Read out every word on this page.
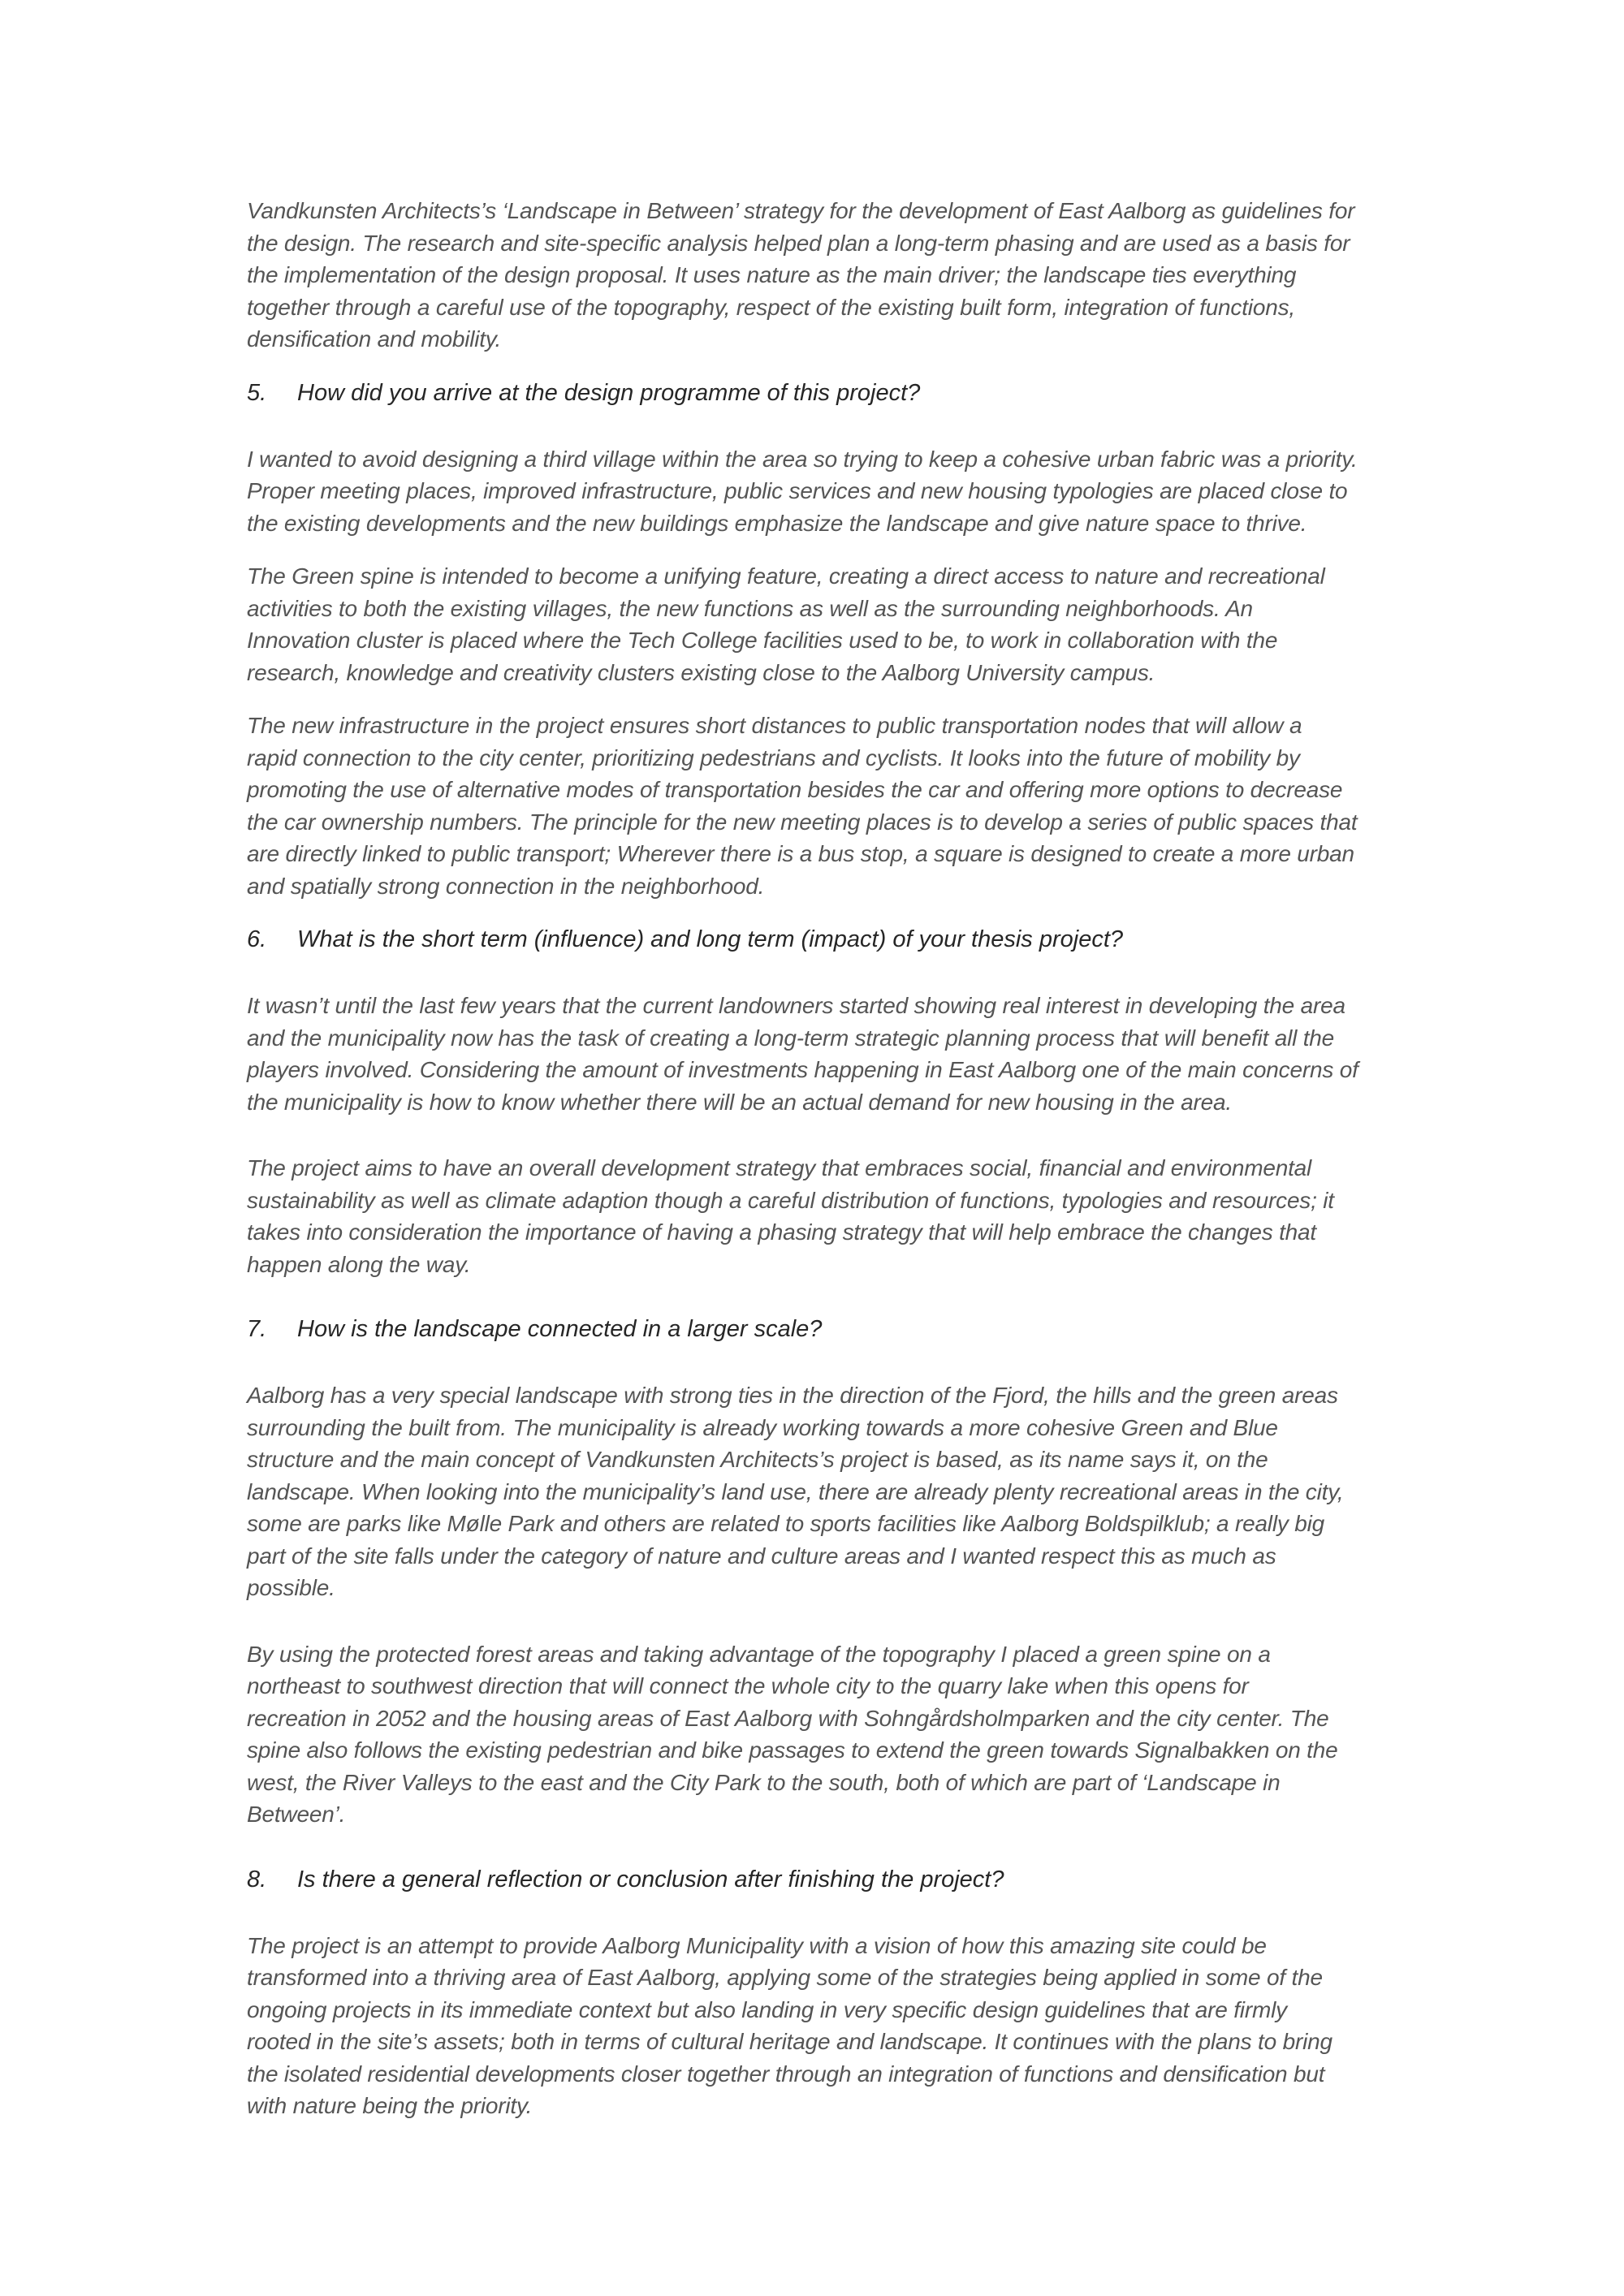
Vandkunsten Architects’s ‘Landscape in Between’ strategy for the development of East Aalborg as guidelines for
the design. The research and site-specific analysis helped plan a long-term phasing and are used as a basis for
the implementation of the design proposal. It uses nature as the main driver; the landscape ties everything
together through a careful use of the topography, respect of the existing built form, integration of functions,
densification and mobility.

5.	How did you arrive at the design programme of this project?

I wanted to avoid designing a third village within the area so trying to keep a cohesive urban fabric was a priority.
Proper meeting places, improved infrastructure, public services and new housing typologies are placed close to
the existing developments and the new buildings emphasize the landscape and give nature space to thrive.

The Green spine is intended to become a unifying feature, creating a direct access to nature and recreational
activities to both the existing villages, the new functions as well as the surrounding neighborhoods. An
Innovation cluster is placed where the Tech College facilities used to be, to work in collaboration with the
research, knowledge and creativity clusters existing close to the Aalborg University campus.

The new infrastructure in the project ensures short distances to public transportation nodes that will allow a
rapid connection to the city center, prioritizing pedestrians and cyclists. It looks into the future of mobility by
promoting the use of alternative modes of transportation besides the car and offering more options to decrease
the car ownership numbers. The principle for the new meeting places is to develop a series of public spaces that
are directly linked to public transport; Wherever there is a bus stop, a square is designed to create a more urban
and spatially strong connection in the neighborhood.

6.	What is the short term (influence) and long term (impact) of your thesis project?

It wasn’t until the last few years that the current landowners started showing real interest in developing the area
and the municipality now has the task of creating a long-term strategic planning process that will benefit all the
players involved. Considering the amount of investments happening in East Aalborg one of the main concerns of
the municipality is how to know whether there will be an actual demand for new housing in the area.

The project aims to have an overall development strategy that embraces social, financial and environmental
sustainability as well as climate adaption though a careful distribution of functions, typologies and resources; it
takes into consideration the importance of having a phasing strategy that will help embrace the changes that
happen along the way.

7.	How is the landscape connected in a larger scale?

Aalborg has a very special landscape with strong ties in the direction of the Fjord, the hills and the green areas
surrounding the built from. The municipality is already working towards a more cohesive Green and Blue
structure and the main concept of Vandkunsten Architects’s project is based, as its name says it, on the
landscape. When looking into the municipality’s land use, there are already plenty recreational areas in the city,
some are parks like Mølle Park and others are related to sports facilities like Aalborg Boldspilklub; a really big
part of the site falls under the category of nature and culture areas and I wanted respect this as much as
possible.

By using the protected forest areas and taking advantage of the topography I placed a green spine on a
northeast to southwest direction that will connect the whole city to the quarry lake when this opens for
recreation in 2052 and the housing areas of East Aalborg with Sohngårdsholmparken and the city center. The
spine also follows the existing pedestrian and bike passages to extend the green towards Signalbakken on the
west, the River Valleys to the east and the City Park to the south, both of which are part of ‘Landscape in
Between’.

8.	Is there a general reflection or conclusion after finishing the project?

The project is an attempt to provide Aalborg Municipality with a vision of how this amazing site could be
transformed into a thriving area of East Aalborg, applying some of the strategies being applied in some of the
ongoing projects in its immediate context but also landing in very specific design guidelines that are firmly
rooted in the site’s assets; both in terms of cultural heritage and landscape. It continues with the plans to bring
the isolated residential developments closer together through an integration of functions and densification but
with nature being the priority.
